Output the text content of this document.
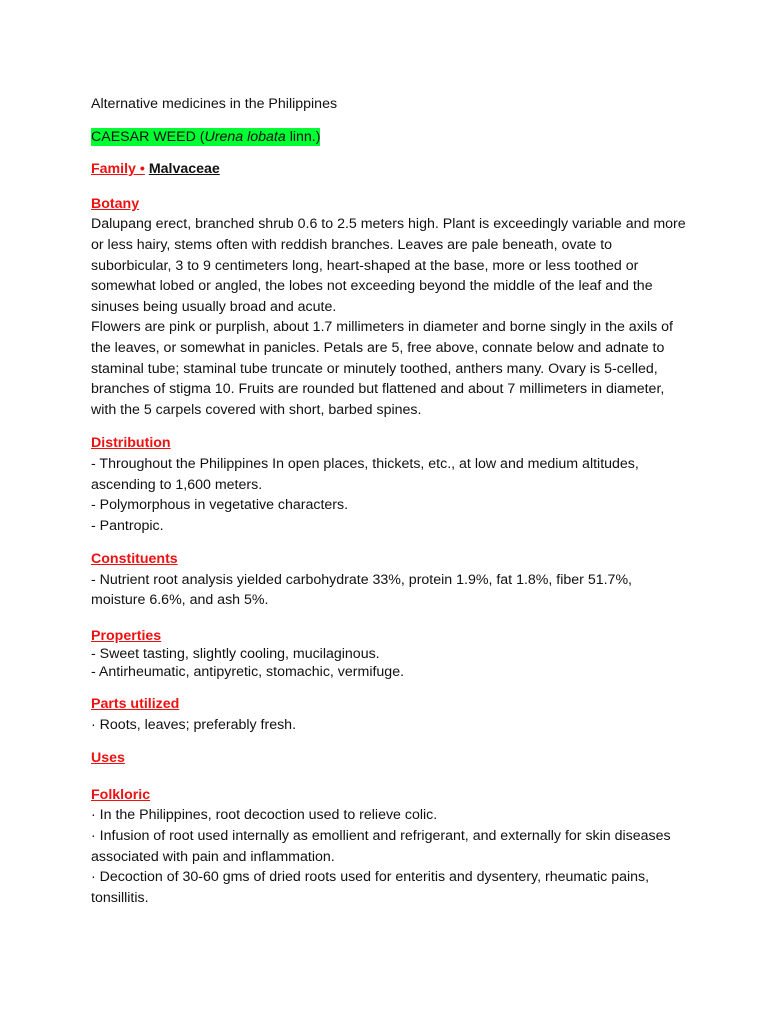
Alternative medicines in the Philippines

CAESAR WEED (Urena lobata linn.)

Family • Malvaceae

Botany

Dalupang erect, branched shrub 0.6 to 2.5 meters high. Plant is exceedingly variable and more or less hairy, stems often with reddish branches. Leaves are pale beneath, ovate to suborbicular, 3 to 9 centimeters long, heart-shaped at the base, more or less toothed or somewhat lobed or angled, the lobes not exceeding beyond the middle of the leaf and the sinuses being usually broad and acute.

Flowers are pink or purplish, about 1.7 millimeters in diameter and borne singly in the axils of the leaves, or somewhat in panicles. Petals are 5, free above, connate below and adnate to staminal tube; staminal tube truncate or minutely toothed, anthers many. Ovary is 5-celled, branches of stigma 10. Fruits are rounded but flattened and about 7 millimeters in diameter, with the 5 carpels covered with short, barbed spines.

Distribution

- Throughout the Philippines In open places, thickets, etc., at low and medium altitudes, ascending to 1,600 meters.

- Polymorphous in vegetative characters.

- Pantropic.

Constituents

- Nutrient root analysis yielded carbohydrate 33%, protein 1.9%, fat 1.8%, fiber 51.7%, moisture 6.6%, and ash 5%.

Properties

- Sweet tasting, slightly cooling, mucilaginous.

- Antirheumatic, antipyretic, stomachic, vermifuge.

Parts utilized

· Roots, leaves; preferably fresh.

Uses

Folkloric

· In the Philippines, root decoction used to relieve colic.

· Infusion of root used internally as emollient and refrigerant, and externally for skin diseases associated with pain and inflammation.

· Decoction of 30-60 gms of dried roots used for enteritis and dysentery, rheumatic pains, tonsillitis.
